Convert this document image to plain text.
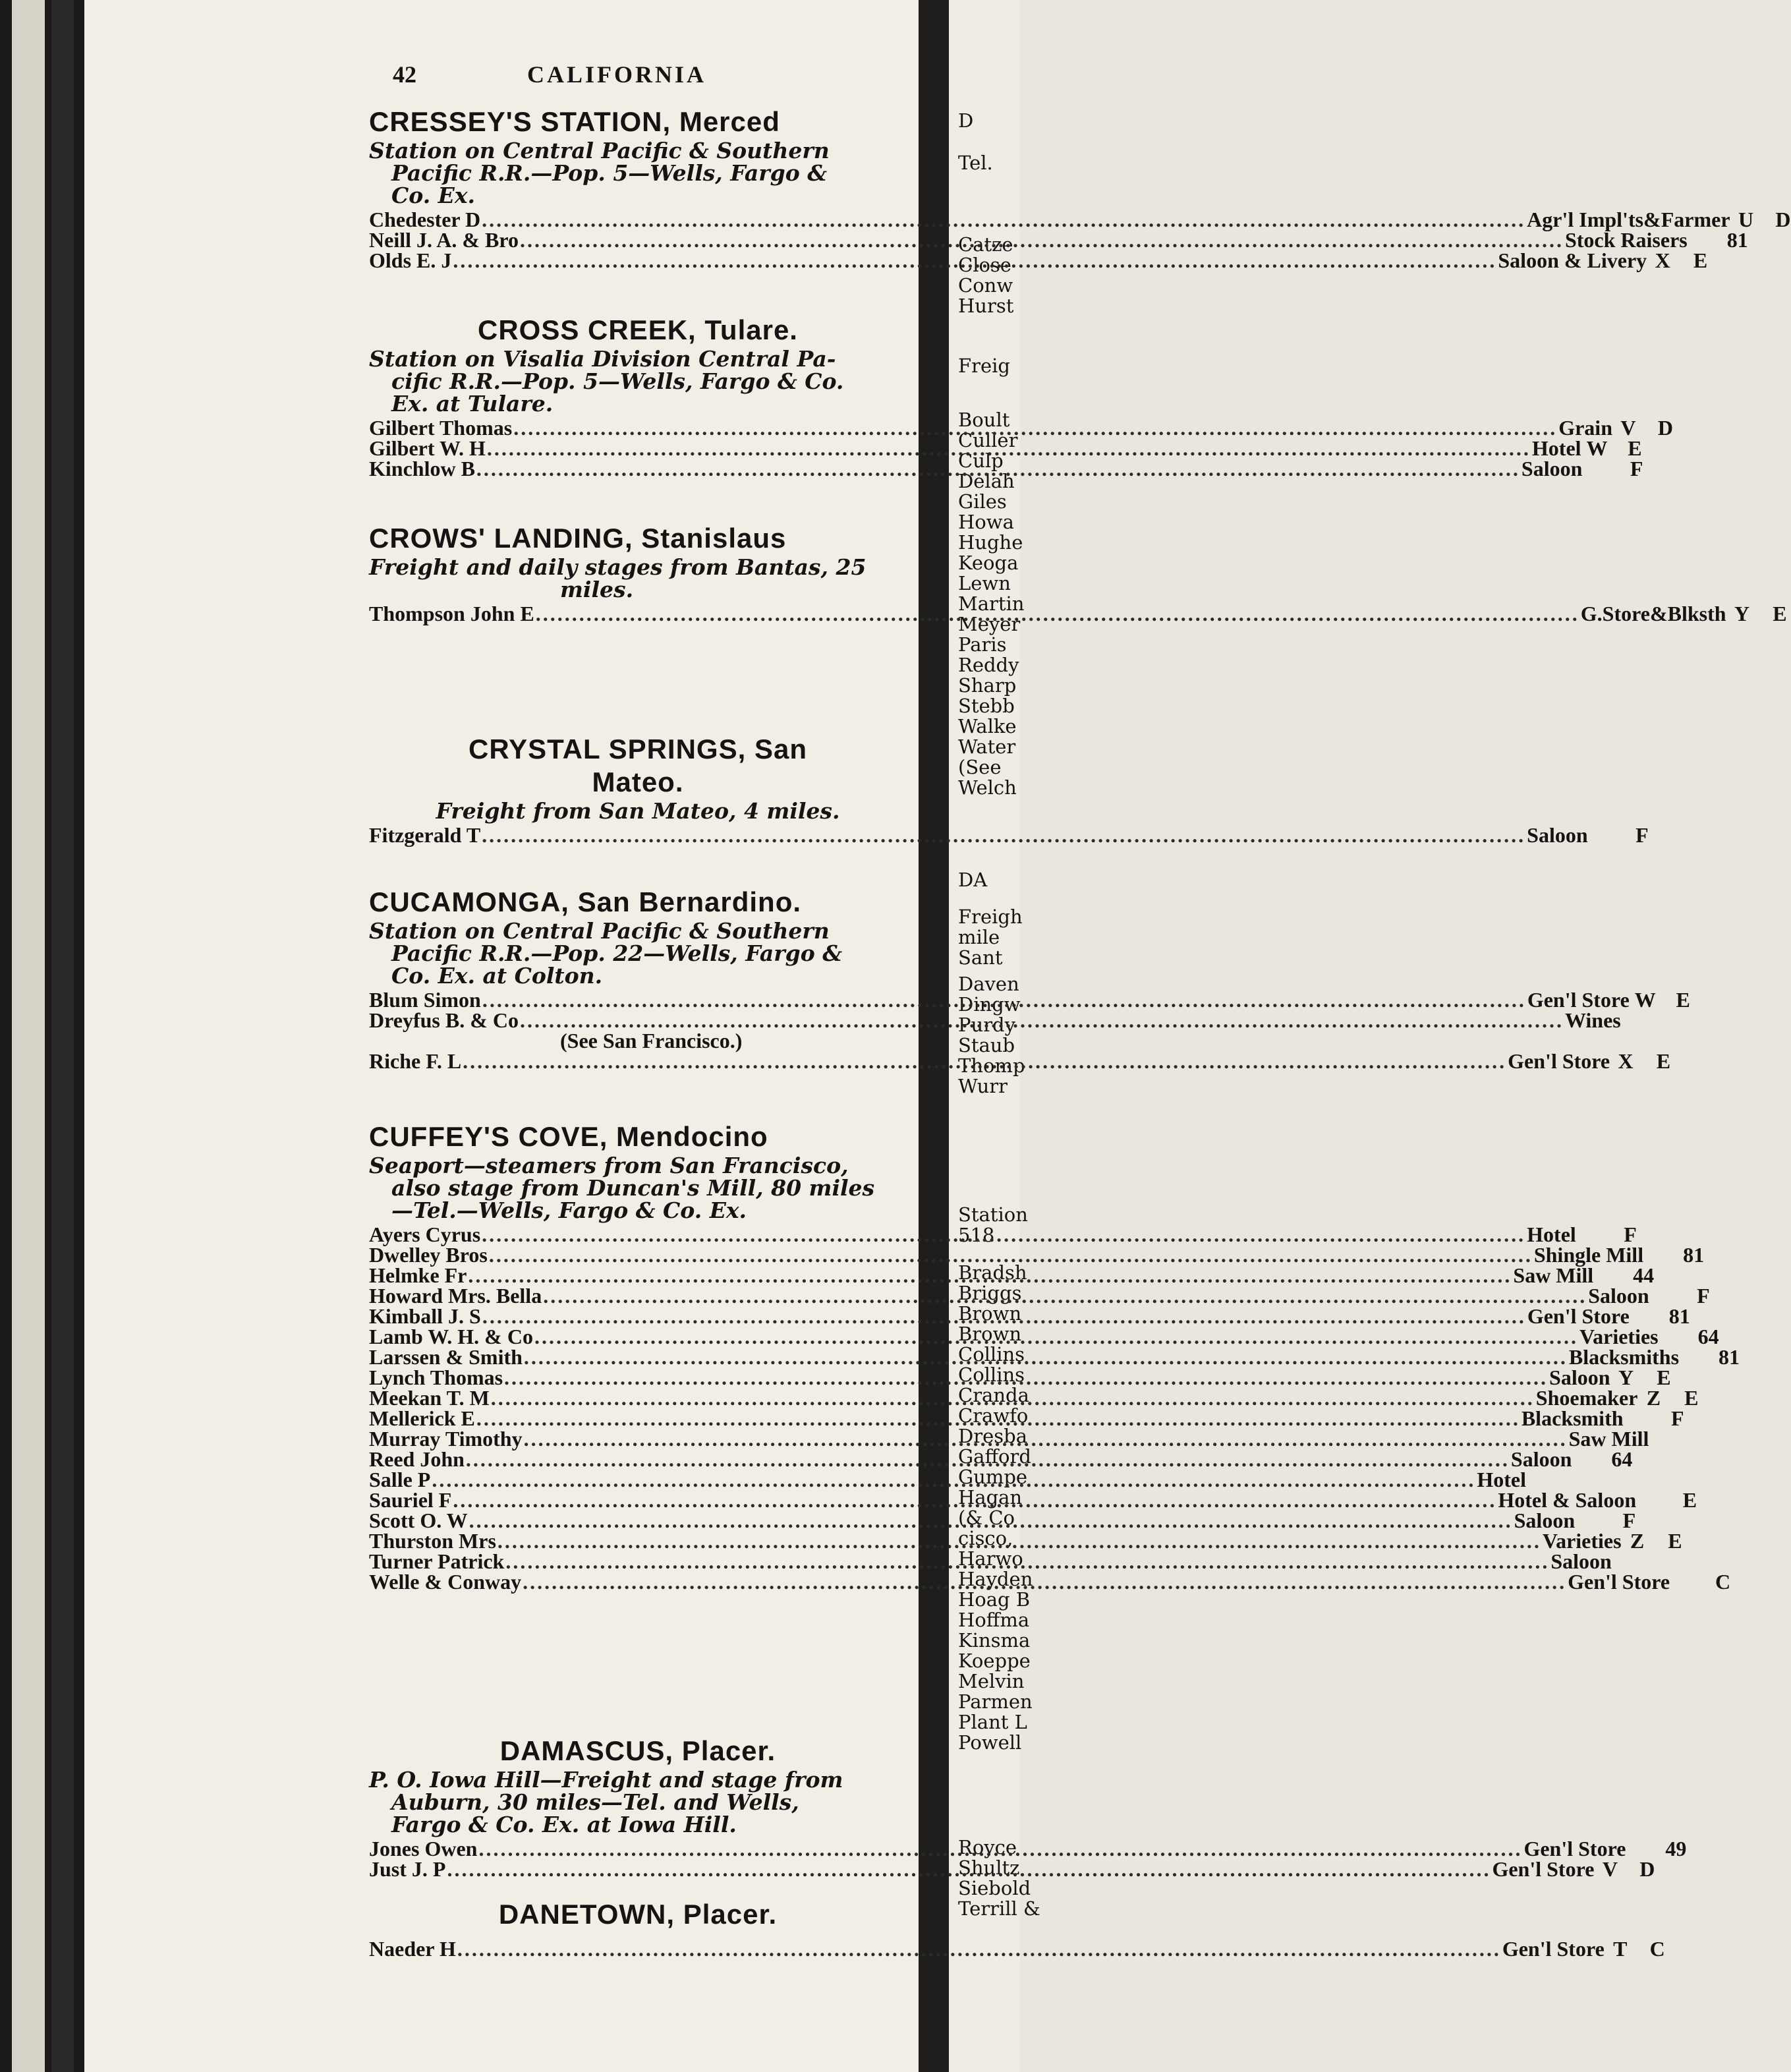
D
Tel.
Catze
Close
Conw
Hurst
Freig
Boult
Culler
Culp
Delah
Giles
Howa
Hughe
Keoga
Lewn
Martin
Meyer
Paris
Reddy
Sharp
Stebb
Walke
Water
(See
Welch
DA
Freigh
mile
Sant
Daven
Dingw
Purdy
Staub
Thomp
Wurr
Station
518
Bradsh
Briggs
Brown
Brown
Collins
Collins
Cranda
Crawfo
Dresba
Gafford
Gumpe
Hagan
(& Co
cisco,
Harwo
Hayden
Hoag B
Hoffma
Kinsma
Koeppe
Melvin
Parmen
Plant L
Powell
Royce
Shultz
Siebold
Terrill &
42	CALIFORNIA
CRESSEY'S STATION, Merced
Station on Central Pacific & Southern
Pacific R.R.—Pop. 5—Wells, Fargo &
Co. Ex.
Chedester D .....	Agr'l Impl'ts&Farmer U	D
Neill J. A. & Bro .....	Stock Raisers	81
Olds E. J .....	Saloon & Livery X	E
CROSS CREEK, Tulare.
Station on Visalia Division Central Pa-
cific R.R.—Pop. 5—Wells, Fargo & Co.
Ex. at Tulare.
Gilbert Thomas .....	Grain V	D
Gilbert W. H .....	Hotel W E
Kinchlow B .....	Saloon	F
CROWS' LANDING, Stanislaus
Freight and daily stages from Bantas, 25
miles.
Thompson John E .....	G.Store&Blksth Y	E
CRYSTAL SPRINGS, San
Mateo.
Freight from San Mateo, 4 miles.
Fitzgerald T .....	Saloon	F
CUCAMONGA, San Bernardino.
Station on Central Pacific & Southern
Pacific R.R.—Pop. 22—Wells, Fargo &
Co. Ex. at Colton.
Blum Simon .....	Gen'l Store W E
Dreyfus B. & Co .....	Wines
(See San Francisco.)
Riche F. L .....	Gen'l Store X	E
CUFFEY'S COVE, Mendocino
Seaport—steamers from San Francisco,
also stage from Duncan's Mill, 80 miles
—Tel.—Wells, Fargo & Co. Ex.
Ayers Cyrus .....	Hotel	F
Dwelley Bros .....	Shingle Mill	81
Helmke Fr .....	Saw Mill	44
Howard Mrs. Bella .....	Saloon	F
Kimball J. S .....	Gen'l Store	81
Lamb W. H. & Co .....	Varieties	64
Larssen & Smith .....	Blacksmiths	81
Lynch Thomas .....	Saloon Y	E
Meekan T. M .....	Shoemaker Z	E
Mellerick E .....	Blacksmith	F
Murray Timothy .....	Saw Mill
Reed John .....	Saloon	64
Salle P .....	Hotel
Sauriel F .....	Hotel & Saloon	E
Scott O. W .....	Saloon	F
Thurston Mrs .....	Varieties Z	E
Turner Patrick .....	Saloon
Welle & Conway .....	Gen'l Store	C
DAMASCUS, Placer.
P. O. Iowa Hill—Freight and stage from
Auburn, 30 miles—Tel. and Wells,
Fargo & Co. Ex. at Iowa Hill.
Jones Owen .....	Gen'l Store	49
Just J. P .....	Gen'l Store V	D
DANETOWN, Placer.
Naeder H .....	Gen'l Store T	C
